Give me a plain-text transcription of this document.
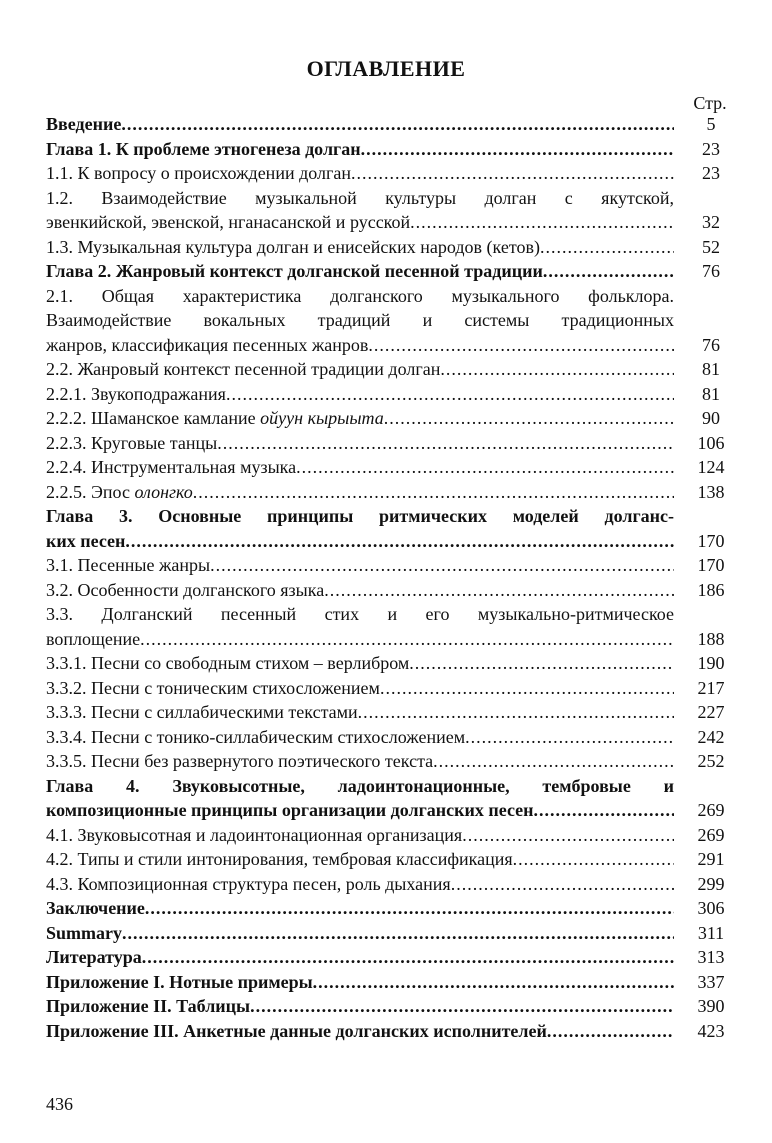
ОГЛАВЛЕНИЕ
Стр.
Введение .....	5
Глава 1. К проблеме этногенеза долган .....	23
1.1. К вопросу о происхождении долган .....	23
1.2. Взаимодействие музыкальной культуры долган с якутской,
эвенкийской, эвенской, нганасанской и русской .....	32
1.3. Музыкальная культура долган и енисейских народов (кетов) .....	52
Глава 2. Жанровый контекст долганской песенной традиции .....	76
2.1. Общая характеристика долганского музыкального фольклора.
Взаимодействие вокальных традиций и системы традиционных
жанров, классификация песенных жанров .....	76
2.2. Жанровый контекст песенной традиции долган .....	81
2.2.1. Звукоподражания .....	81
2.2.2. Шаманское камлание ойуун кырыыта .....	90
2.2.3. Круговые танцы .....	106
2.2.4. Инструментальная музыка .....	124
2.2.5. Эпос олонгко .....	138
Глава 3. Основные принципы ритмических моделей долганс-
ких песен .....	170
3.1. Песенные жанры .....	170
3.2. Особенности долганского языка .....	186
3.3. Долганский песенный стих и его музыкально-ритмическое
воплощение .....	188
3.3.1. Песни со свободным стихом – верлибром .....	190
3.3.2. Песни с тоническим стихосложением .....	217
3.3.3. Песни с силлабическими текстами .....	227
3.3.4. Песни с тонико-силлабическим стихосложением .....	242
3.3.5. Песни без развернутого поэтического текста .....	252
Глава 4. Звуковысотные, ладоинтонационные, тембровые и
композиционные принципы организации долганских песен .....	269
4.1. Звуковысотная и ладоинтонационная организация .....	269
4.2. Типы и стили интонирования, тембровая классификация .....	291
4.3. Композиционная структура песен, роль дыхания .....	299
Заключение .....	306
Summary .....	311
Литература .....	313
Приложение I. Нотные примеры .....	337
Приложение II. Таблицы .....	390
Приложение III. Анкетные данные долганских исполнителей .....	423
436
